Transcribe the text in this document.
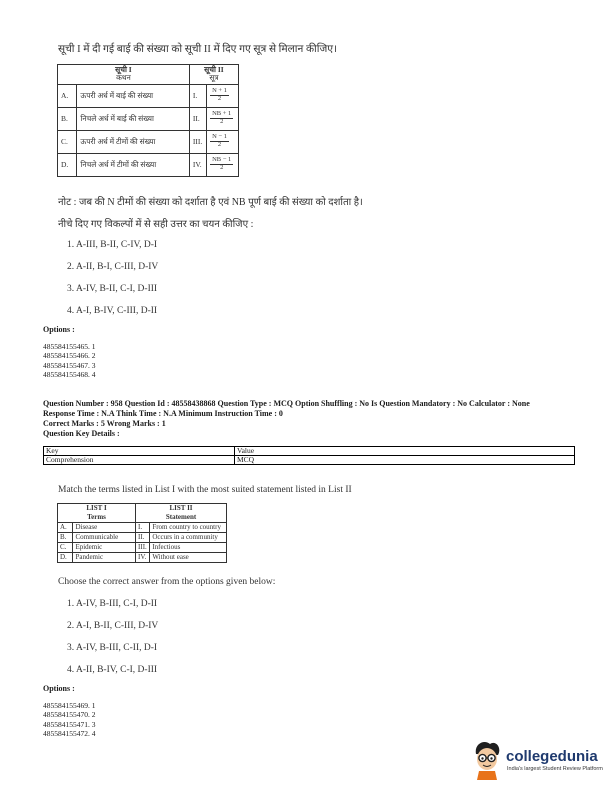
सूची I में दी गई बाई की संख्या को सूची II में दिए गए सूत्र से मिलान कीजिए।
सूची I
कथन		सूची II
सूत्र	
A.	ऊपरी अर्ध में बाई की संख्या	I.	$\frac{N + 1}{2}$

B.	निचले अर्ध में बाई की संख्या	II.	$\frac{NB + 1}{2}$

C.	ऊपरी अर्ध में टीमों की संख्या	III.	$\frac{N - 1}{2}$

D.	निचले अर्ध में टीमों की संख्या	IV.	$\frac{NB - 1}{2}$
नोट : जब की N टीमों की संख्या को दर्शाता है एवं NB पूर्ण बाई की संख्या को दर्शाता है।
नीचे दिए गए विकल्पों में से सही उत्तर का चयन कीजिए :
1. A-III, B-II, C-IV, D-I
2. A-II, B-I, C-III, D-IV
3. A-IV, B-II, C-I, D-III
4. A-I, B-IV, C-III, D-II
Options :
485584155465. 1
485584155466. 2
485584155467. 3
485584155468. 4
Question Number : 958 Question Id : 48558438868 Question Type : MCQ Option Shuffling : No Is Question Mandatory : No Calculator : None
Response Time : N.A Think Time : N.A Minimum Instruction Time : 0
Correct Marks : 5 Wrong Marks : 1
Question Key Details :
Key	Value
Comprehension	MCQ
Match the terms listed in List I with the most suited statement listed in List II
LIST I
Terms		LIST II
Statement	
A.	Disease	I.	From country to country
B.	Communicable	II.	Occurs in a community
C.	Epidemic	III.	Infectious
D.	Pandemic	IV.	Without ease
Choose the correct answer from the options given below:
1. A-IV, B-III, C-I, D-II
2. A-I, B-II, C-III, D-IV
3. A-IV, B-III, C-II, D-I
4. A-II, B-IV, C-I, D-III
Options :
485584155469. 1
485584155470. 2
485584155471. 3
485584155472. 4
collegedunia
India's largest Student Review Platform
